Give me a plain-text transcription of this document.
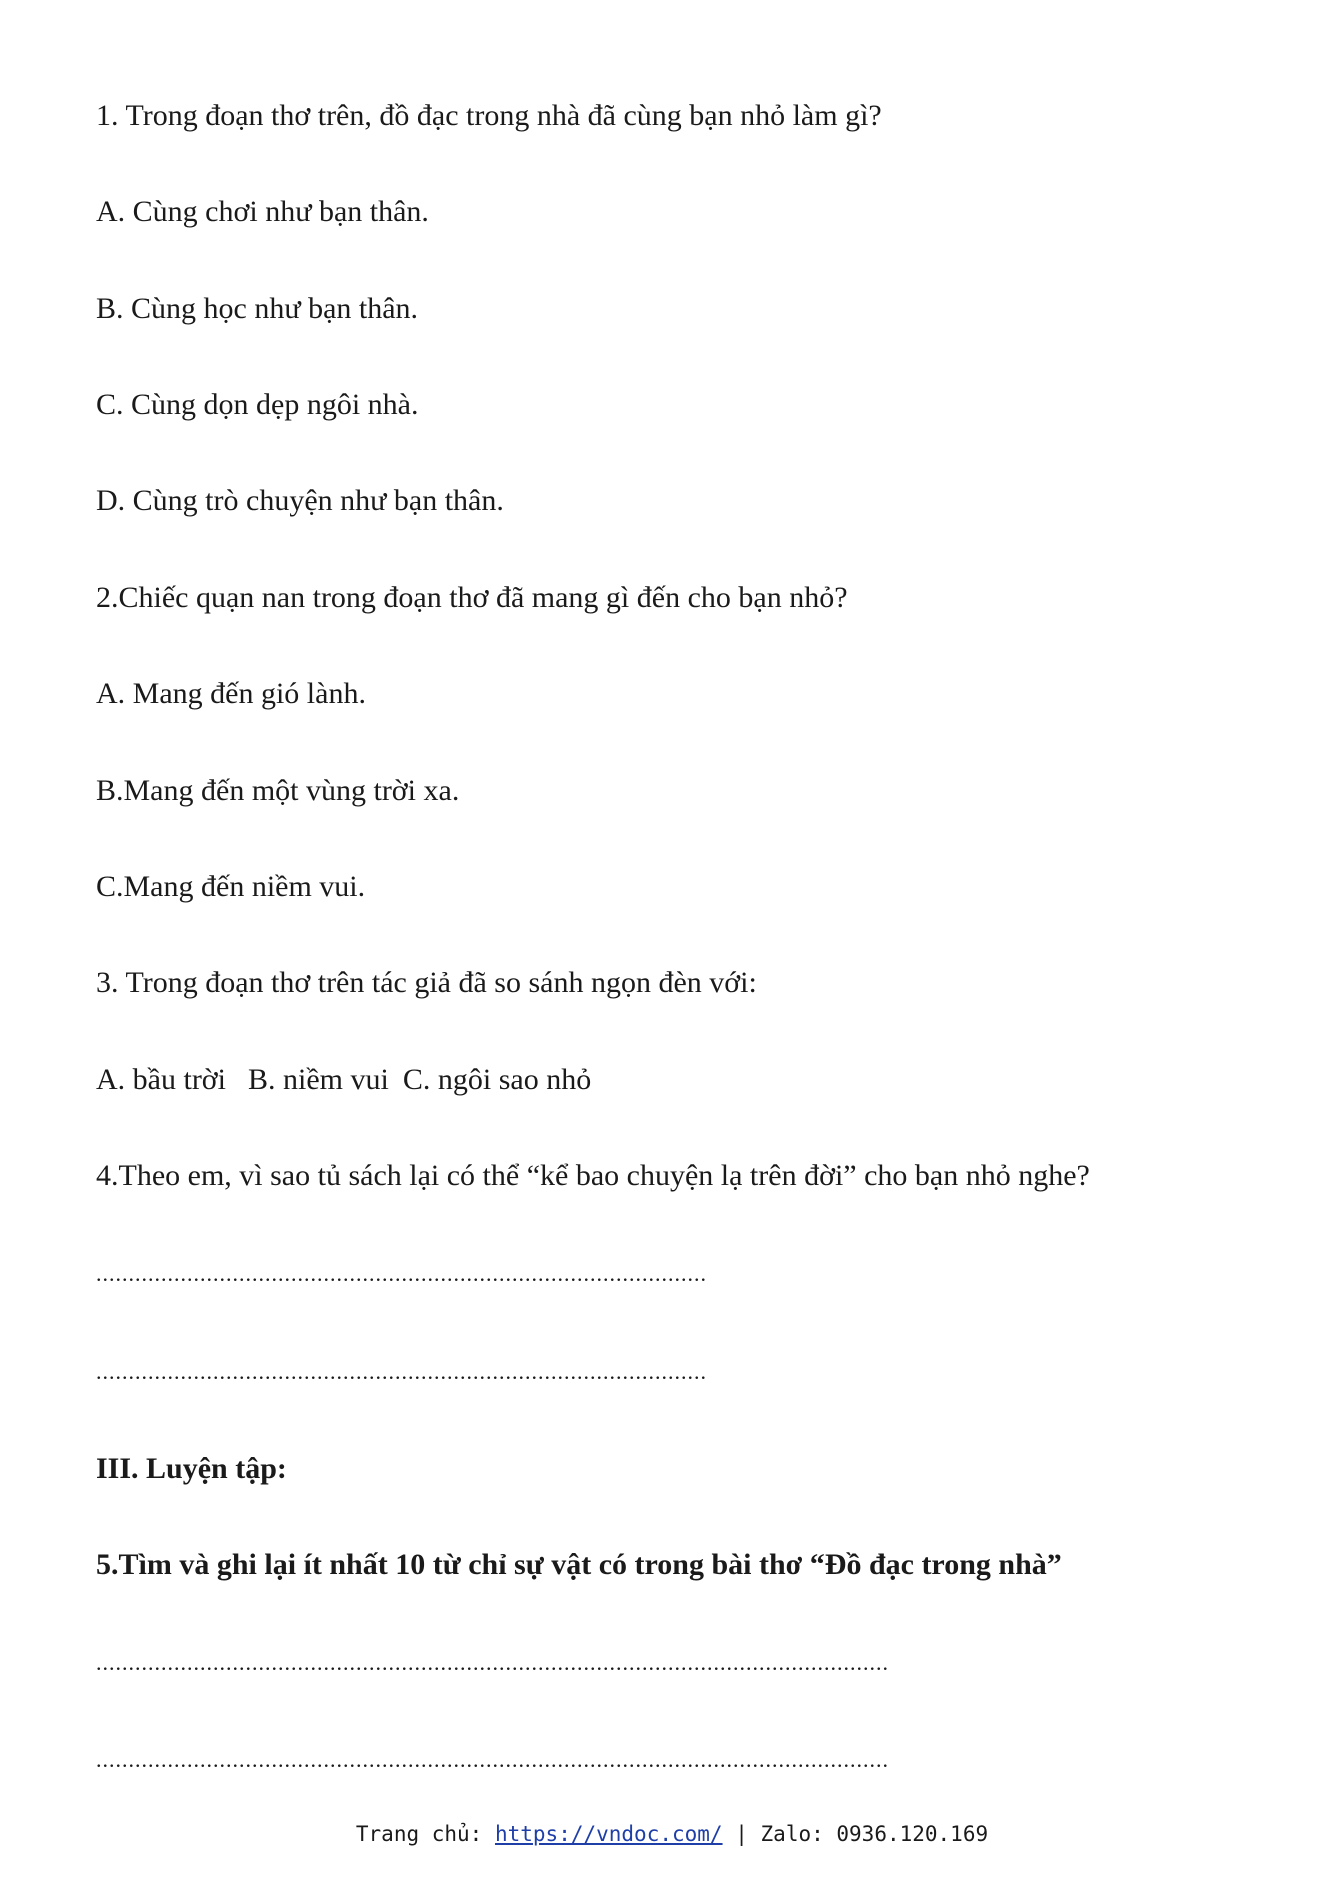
1. Trong đoạn thơ trên, đồ đạc trong nhà đã cùng bạn nhỏ làm gì?
A. Cùng chơi như bạn thân.
B. Cùng học như bạn thân.
C. Cùng dọn dẹp ngôi nhà.
D. Cùng trò chuyện như bạn thân.
2.Chiếc quạn nan trong đoạn thơ đã mang gì đến cho bạn nhỏ?
A. Mang đến gió lành.
B.Mang đến một vùng trời xa.
C.Mang đến niềm vui.
3. Trong đoạn thơ trên tác giả đã so sánh ngọn đèn với:
A. bầu trời B. niềm vui C. ngôi sao nhỏ
4.Theo em, vì sao tủ sách lại có thể “kể bao chuyện lạ trên đời” cho bạn nhỏ nghe?
..............................................................................................
..............................................................................................
III. Luyện tập:
5.Tìm và ghi lại ít nhất 10 từ chỉ sự vật có trong bài thơ “Đồ đạc trong nhà”
..........................................................................................................................
..........................................................................................................................
Trang chủ: https://vndoc.com/ | Zalo: 0936.120.169
